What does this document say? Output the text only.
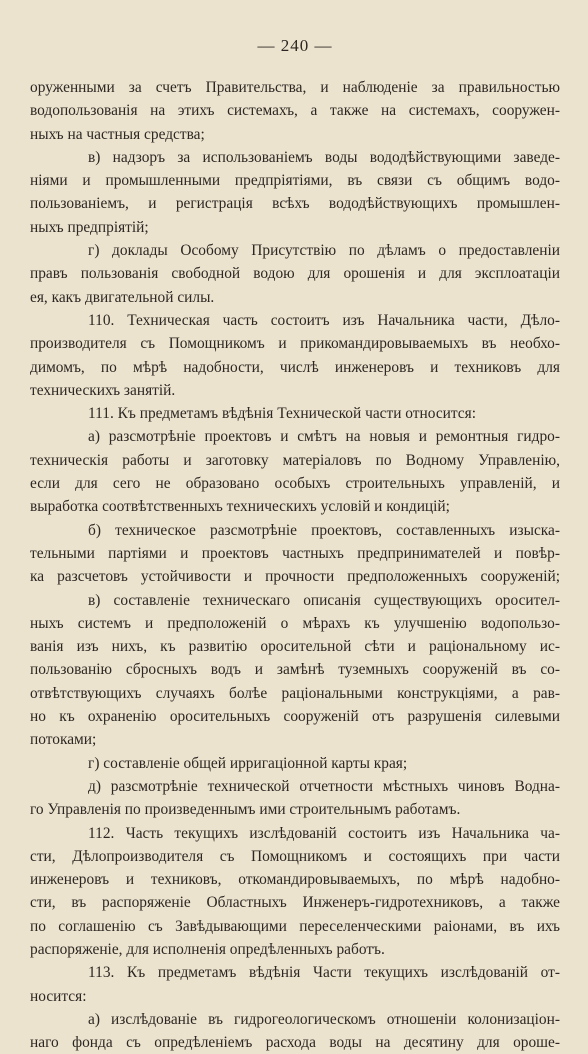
— 240 —
оруженными за счетъ Правительства, и наблюденіе за правильностью
водопользованія на этихъ системахъ, а также на системахъ, сооружен-
ныхъ на частныя средства;
в) надзоръ за использованіемъ воды вододѣйствующими заведе-
ніями и промышленными предпріятіями, въ связи съ общимъ водо-
пользованіемъ, и регистрація всѣхъ вододѣйствующихъ промышлен-
ныхъ предпріятій;
г) доклады Особому Присутствію по дѣламъ о предоставленіи
правъ пользованія свободной водою для орошенія и для эксплоатаціи
ея, какъ двигательной силы.
110. Техническая часть состоитъ изъ Начальника части, Дѣло-
производителя съ Помощникомъ и прикомандировываемыхъ въ необхо-
димомъ, по мѣрѣ надобности, числѣ инженеровъ и техниковъ для
техническихъ занятій.
111. Къ предметамъ вѣдѣнія Технической части относится:
а) разсмотрѣніе проектовъ и смѣтъ на новыя и ремонтныя гидро-
техническія работы и заготовку матеріаловъ по Водному Управленію,
если для сего не образовано особыхъ строительныхъ управленій, и
выработка соотвѣтственныхъ техническихъ условій и кондицій;
б) техническое разсмотрѣніе проектовъ, составленныхъ изыска-
тельными партіями и проектовъ частныхъ предпринимателей и повѣр-
ка разсчетовъ устойчивости и прочности предположенныхъ сооруженій;
в) составленіе техническаго описанія существующихъ оросител-
ныхъ системъ и предположеній о мѣрахъ къ улучшенію водопользо-
ванія изъ нихъ, къ развитію оросительной сѣти и раціональному ис-
пользованію сбросныхъ водъ и замѣнѣ туземныхъ сооруженій въ со-
отвѣтствующихъ случаяхъ болѣе раціональными конструкціями, а рав-
но къ охраненію оросительныхъ сооруженій отъ разрушенія силевыми
потоками;
г) составленіе общей ирригаціонной карты края;
д) разсмотрѣніе технической отчетности мѣстныхъ чиновъ Водна-
го Управленія по произведеннымъ ими строительнымъ работамъ.
112. Часть текущихъ изслѣдованій состоитъ изъ Начальника ча-
сти, Дѣлопроизводителя съ Помощникомъ и состоящихъ при части
инженеровъ и техниковъ, откомандировываемыхъ, по мѣрѣ надобно-
сти, въ распоряженіе Областныхъ Инженеръ-гидротехниковъ, а также
по соглашенію съ Завѣдывающими переселенческими раіонами, въ ихъ
распоряженіе, для исполненія опредѣленныхъ работъ.
113. Къ предметамъ вѣдѣнія Части текущихъ изслѣдованій от-
носится:
а) изслѣдованіе въ гидрогеологическомъ отношеніи колонизаціон-
наго фонда съ опредѣленіемъ расхода воды на десятину для ороше-
